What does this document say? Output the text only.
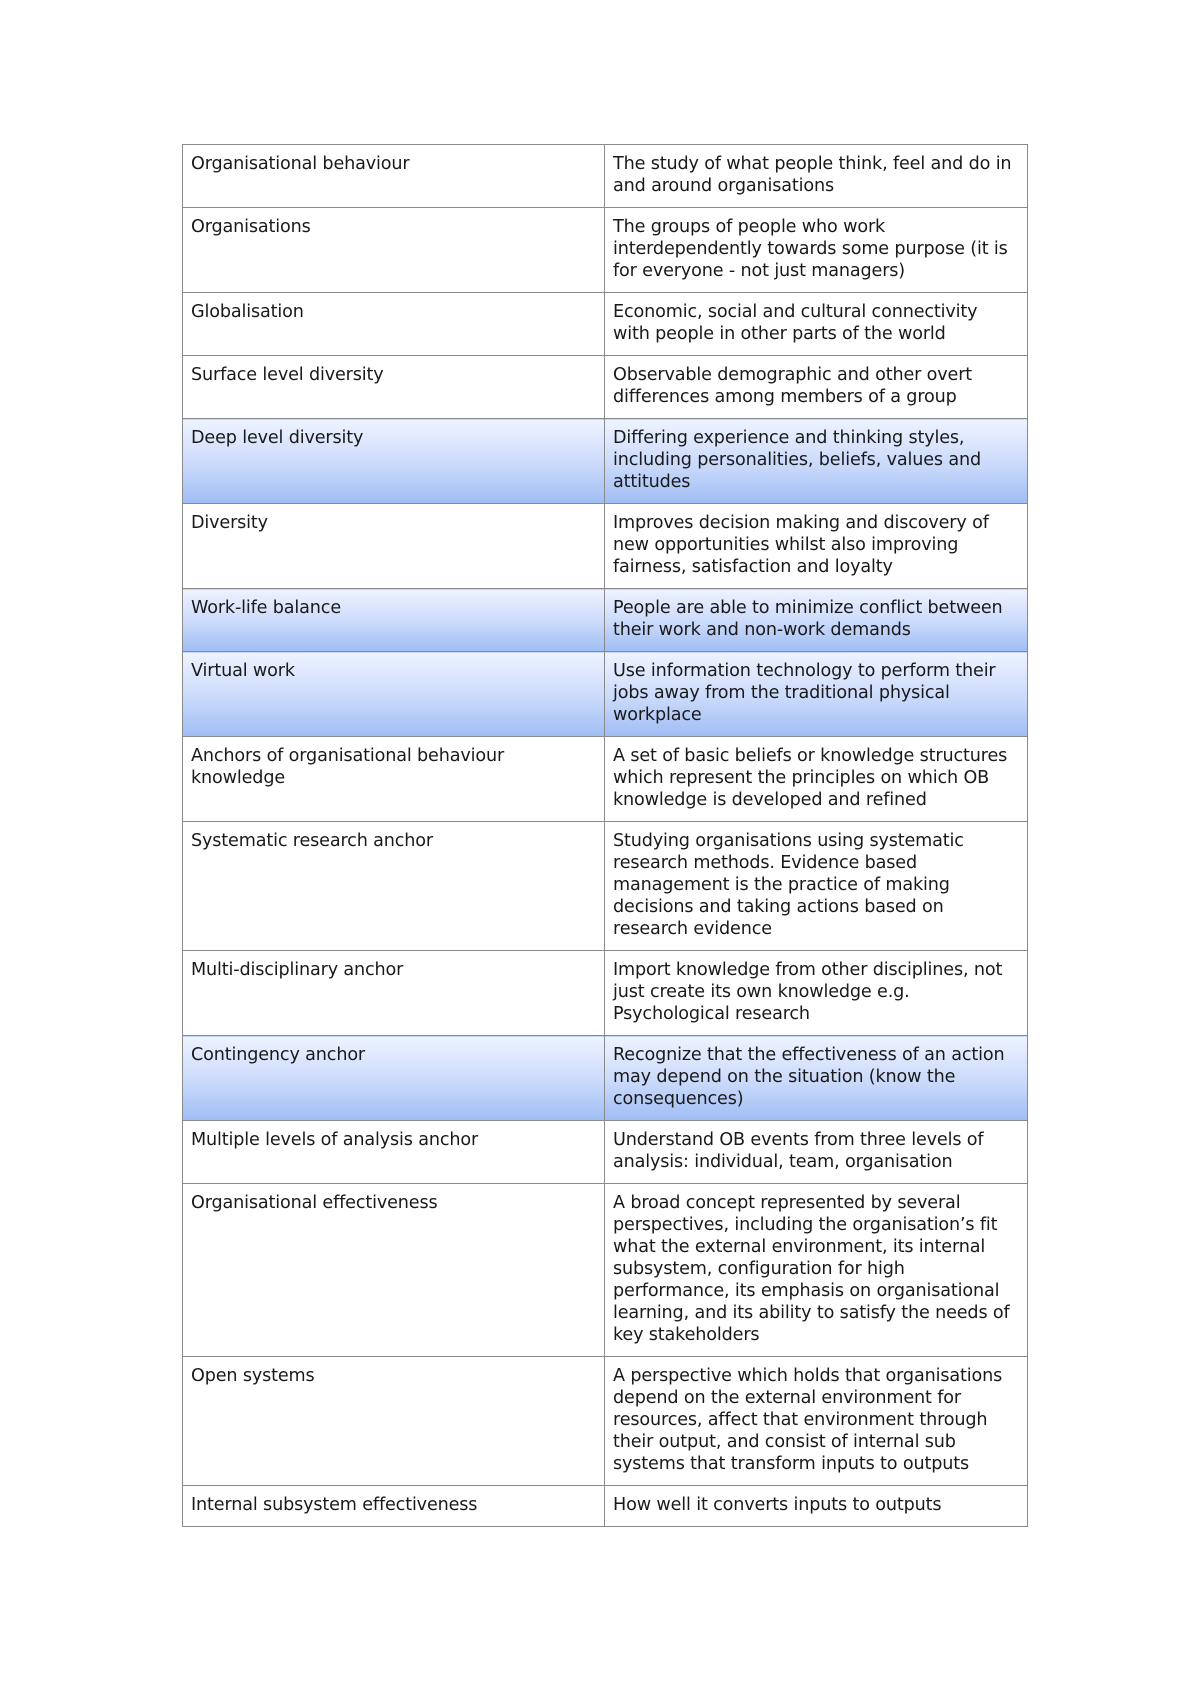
Organisational behaviour	The study of what people think, feel and do in and around organisations
Organisations	The groups of people who work interdependently towards some purpose (it is for everyone - not just managers)
Globalisation	Economic, social and cultural connectivity with people in other parts of the world
Surface level diversity	Observable demographic and other overt differences among members of a group
Deep level diversity	Differing experience and thinking styles, including personalities, beliefs, values and attitudes
Diversity	Improves decision making and discovery of new opportunities whilst also improving fairness, satisfaction and loyalty
Work-life balance	People are able to minimize conflict between their work and non-work demands
Virtual work	Use information technology to perform their jobs away from the traditional physical workplace
Anchors of organisational behaviour knowledge	A set of basic beliefs or knowledge structures which represent the principles on which OB knowledge is developed and refined
Systematic research anchor	Studying organisations using systematic research methods. Evidence based management is the practice of making decisions and taking actions based on research evidence
Multi-disciplinary anchor	Import knowledge from other disciplines, not just create its own knowledge e.g. Psychological research
Contingency anchor	Recognize that the effectiveness of an action may depend on the situation (know the consequences)
Multiple levels of analysis anchor	Understand OB events from three levels of analysis: individual, team, organisation
Organisational effectiveness	A broad concept represented by several perspectives, including the organisation’s fit what the external environment, its internal subsystem, configuration for high performance, its emphasis on organisational learning, and its ability to satisfy the needs of key stakeholders
Open systems	A perspective which holds that organisations depend on the external environment for resources, affect that environment through their output, and consist of internal sub systems that transform inputs to outputs
Internal subsystem effectiveness	How well it converts inputs to outputs
